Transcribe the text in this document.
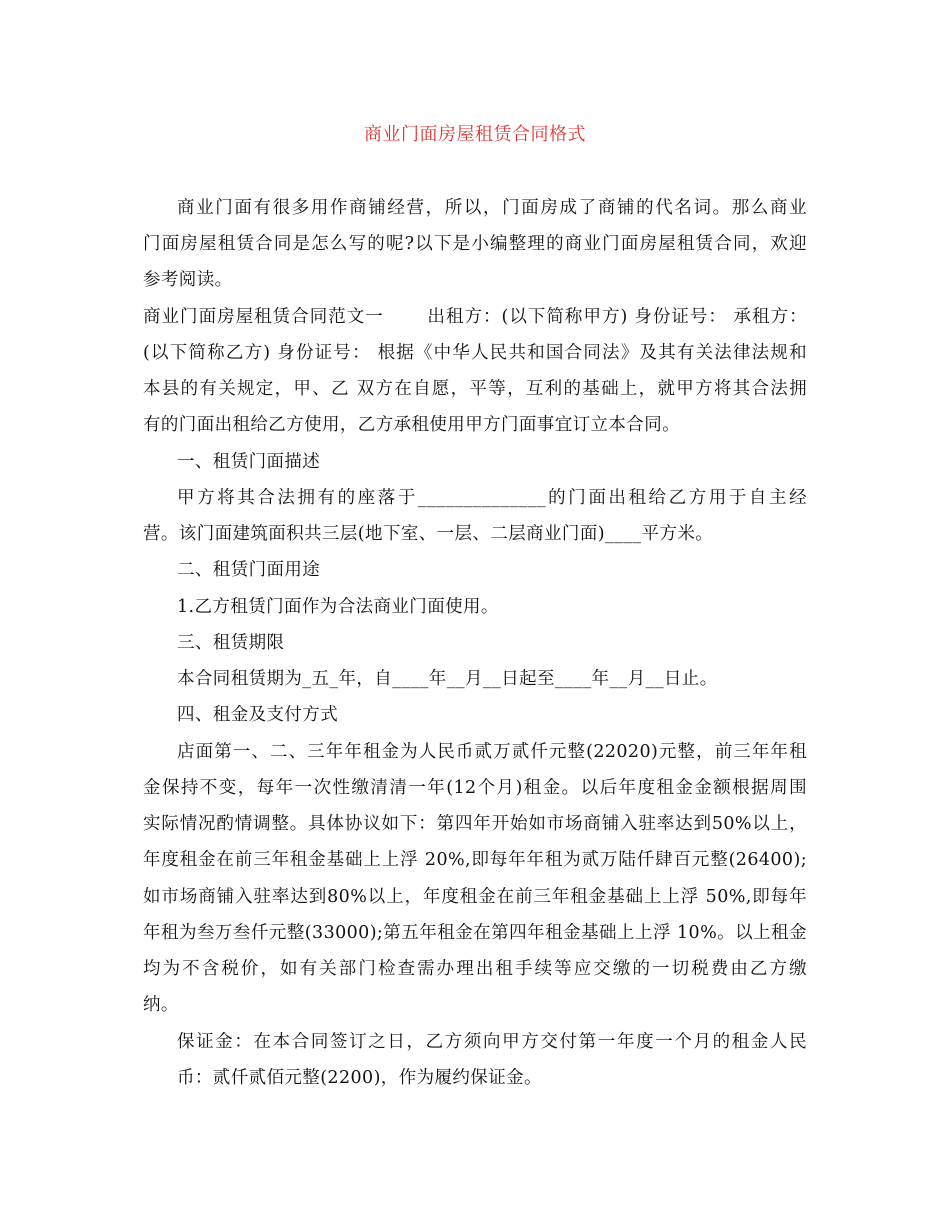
商业门面房屋租赁合同格式
商业门面有很多用作商铺经营，所以，门面房成了商铺的代名词。那么商业
门面房屋租赁合同是怎么写的呢?以下是小编整理的商业门面房屋租赁合同，欢迎
参考阅读。
商业门面房屋租赁合同范文一　　 出租方：(以下简称甲方) 身份证号： 承租方：
(以下简称乙方) 身份证号： 根据《中华人民共和国合同法》及其有关法律法规和
本县的有关规定，甲、乙 双方在自愿，平等，互利的基础上，就甲方将其合法拥
有的门面出租给乙方使用，乙方承租使用甲方门面事宜订立本合同。
一、租赁门面描述
甲方将其合法拥有的座落于______________的门面出租给乙方用于自主经
营。该门面建筑面积共三层(地下室、一层、二层商业门面)____平方米。
二、租赁门面用途
1.乙方租赁门面作为合法商业门面使用。
三、租赁期限
本合同租赁期为_五_年，自____年__月__日起至____年__月__日止。
四、租金及支付方式
店面第一、二、三年年租金为人民币贰万贰仟元整(22020)元整，前三年年租
金保持不变，每年一次性缴清清一年(12个月)租金。以后年度租金金额根据周围
实际情况酌情调整。具体协议如下：第四年开始如市场商铺入驻率达到50%以上，
年度租金在前三年租金基础上上浮 20%,即每年年租为贰万陆仟肆百元整(26400);
如市场商铺入驻率达到80%以上，年度租金在前三年租金基础上上浮 50%,即每年
年租为叁万叁仟元整(33000);第五年租金在第四年租金基础上上浮 10%。以上租金
均为不含税价，如有关部门检查需办理出租手续等应交缴的一切税费由乙方缴
纳。
保证金：在本合同签订之日，乙方须向甲方交付第一年度一个月的租金人民
币：贰仟贰佰元整(2200)，作为履约保证金。
